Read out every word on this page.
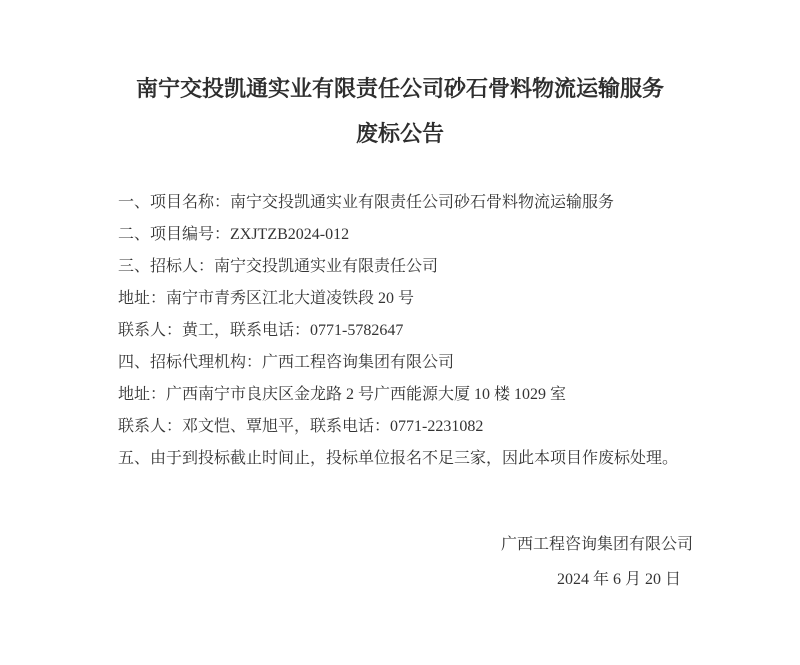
南宁交投凯通实业有限责任公司砂石骨料物流运输服务
废标公告

一、项目名称：南宁交投凯通实业有限责任公司砂石骨料物流运输服务

二、项目编号：ZXJTZB2024-012

三、招标人：南宁交投凯通实业有限责任公司

地址：南宁市青秀区江北大道凌铁段 20 号

联系人：黄工，联系电话：0771-5782647

四、招标代理机构：广西工程咨询集团有限公司

地址：广西南宁市良庆区金龙路 2 号广西能源大厦 10 楼 1029 室

联系人：邓文恺、覃旭平，联系电话：0771-2231082

五、由于到投标截止时间止，投标单位报名不足三家，因此本项目作废标处理。

广西工程咨询集团有限公司
2024 年 6 月 20 日
